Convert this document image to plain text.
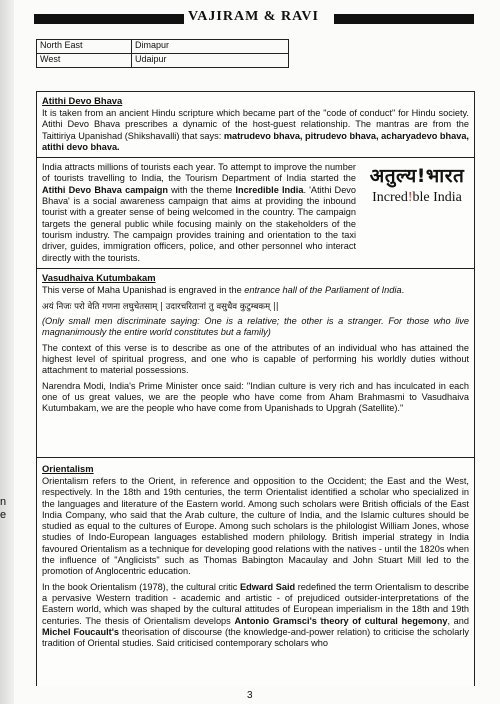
n
e
VAJIRAM & RAVI
North East	Dimapur
West	Udaipur
Atithi Devo Bhava

It is taken from an ancient Hindu scripture which became part of the "code of conduct" for Hindu society. Atithi Devo Bhava prescribes a dynamic of the host-guest relationship. The mantras are from the Taittiriya Upanishad (Shikshavalli) that says: matrudevo bhava, pitrudevo bhava, acharyadevo bhava, atithi devo bhava.

India attracts millions of tourists each year. To attempt to improve the number of tourists travelling to India, the Tourism Department of India started the Atithi Devo Bhava campaign with the theme Incredible India. 'Atithi Devo Bhava' is a social awareness campaign that aims at providing the inbound tourist with a greater sense of being welcomed in the country. The campaign targets the general public while focusing mainly on the stakeholders of the tourism industry. The campaign provides training and orientation to the taxi driver, guides, immigration officers, police, and other personnel who interact directly with the tourists.

अतुल्य!भारत
Incred!ble India
Vasudhaiva Kutumbakam

This verse of Maha Upanishad is engraved in the entrance hall of the Parliament of India.

अयं निजः परो वेति गणना लघुचेतसाम् | उदारचरितानां तु वसुधैव कुटुम्बकम् ||

(Only small men discriminate saying: One is a relative; the other is a stranger. For those who live magnanimously the entire world constitutes but a family)

The context of this verse is to describe as one of the attributes of an individual who has attained the highest level of spiritual progress, and one who is capable of performing his worldly duties without attachment to material possessions.

Narendra Modi, India's Prime Minister once said: "Indian culture is very rich and has inculcated in each one of us great values, we are the people who have come from Aham Brahmasmi to Vasudhaiva Kutumbakam, we are the people who have come from Upanishads to Upgrah (Satellite)."

Orientalism

Orientalism refers to the Orient, in reference and opposition to the Occident; the East and the West, respectively. In the 18th and 19th centuries, the term Orientalist identified a scholar who specialized in the languages and literature of the Eastern world. Among such scholars were British officials of the East India Company, who said that the Arab culture, the culture of India, and the Islamic cultures should be studied as equal to the cultures of Europe. Among such scholars is the philologist William Jones, whose studies of Indo-European languages established modern philology. British imperial strategy in India favoured Orientalism as a technique for developing good relations with the natives - until the 1820s when the influence of "Anglicists" such as Thomas Babington Macaulay and John Stuart Mill led to the promotion of Anglocentric education.

In the book Orientalism (1978), the cultural critic Edward Said redefined the term Orientalism to describe a pervasive Western tradition - academic and artistic - of prejudiced outsider-interpretations of the Eastern world, which was shaped by the cultural attitudes of European imperialism in the 18th and 19th centuries. The thesis of Orientalism develops Antonio Gramsci's theory of cultural hegemony, and Michel Foucault's theorisation of discourse (the knowledge-and-power relation) to criticise the scholarly tradition of Oriental studies. Said criticised contemporary scholars who

3
